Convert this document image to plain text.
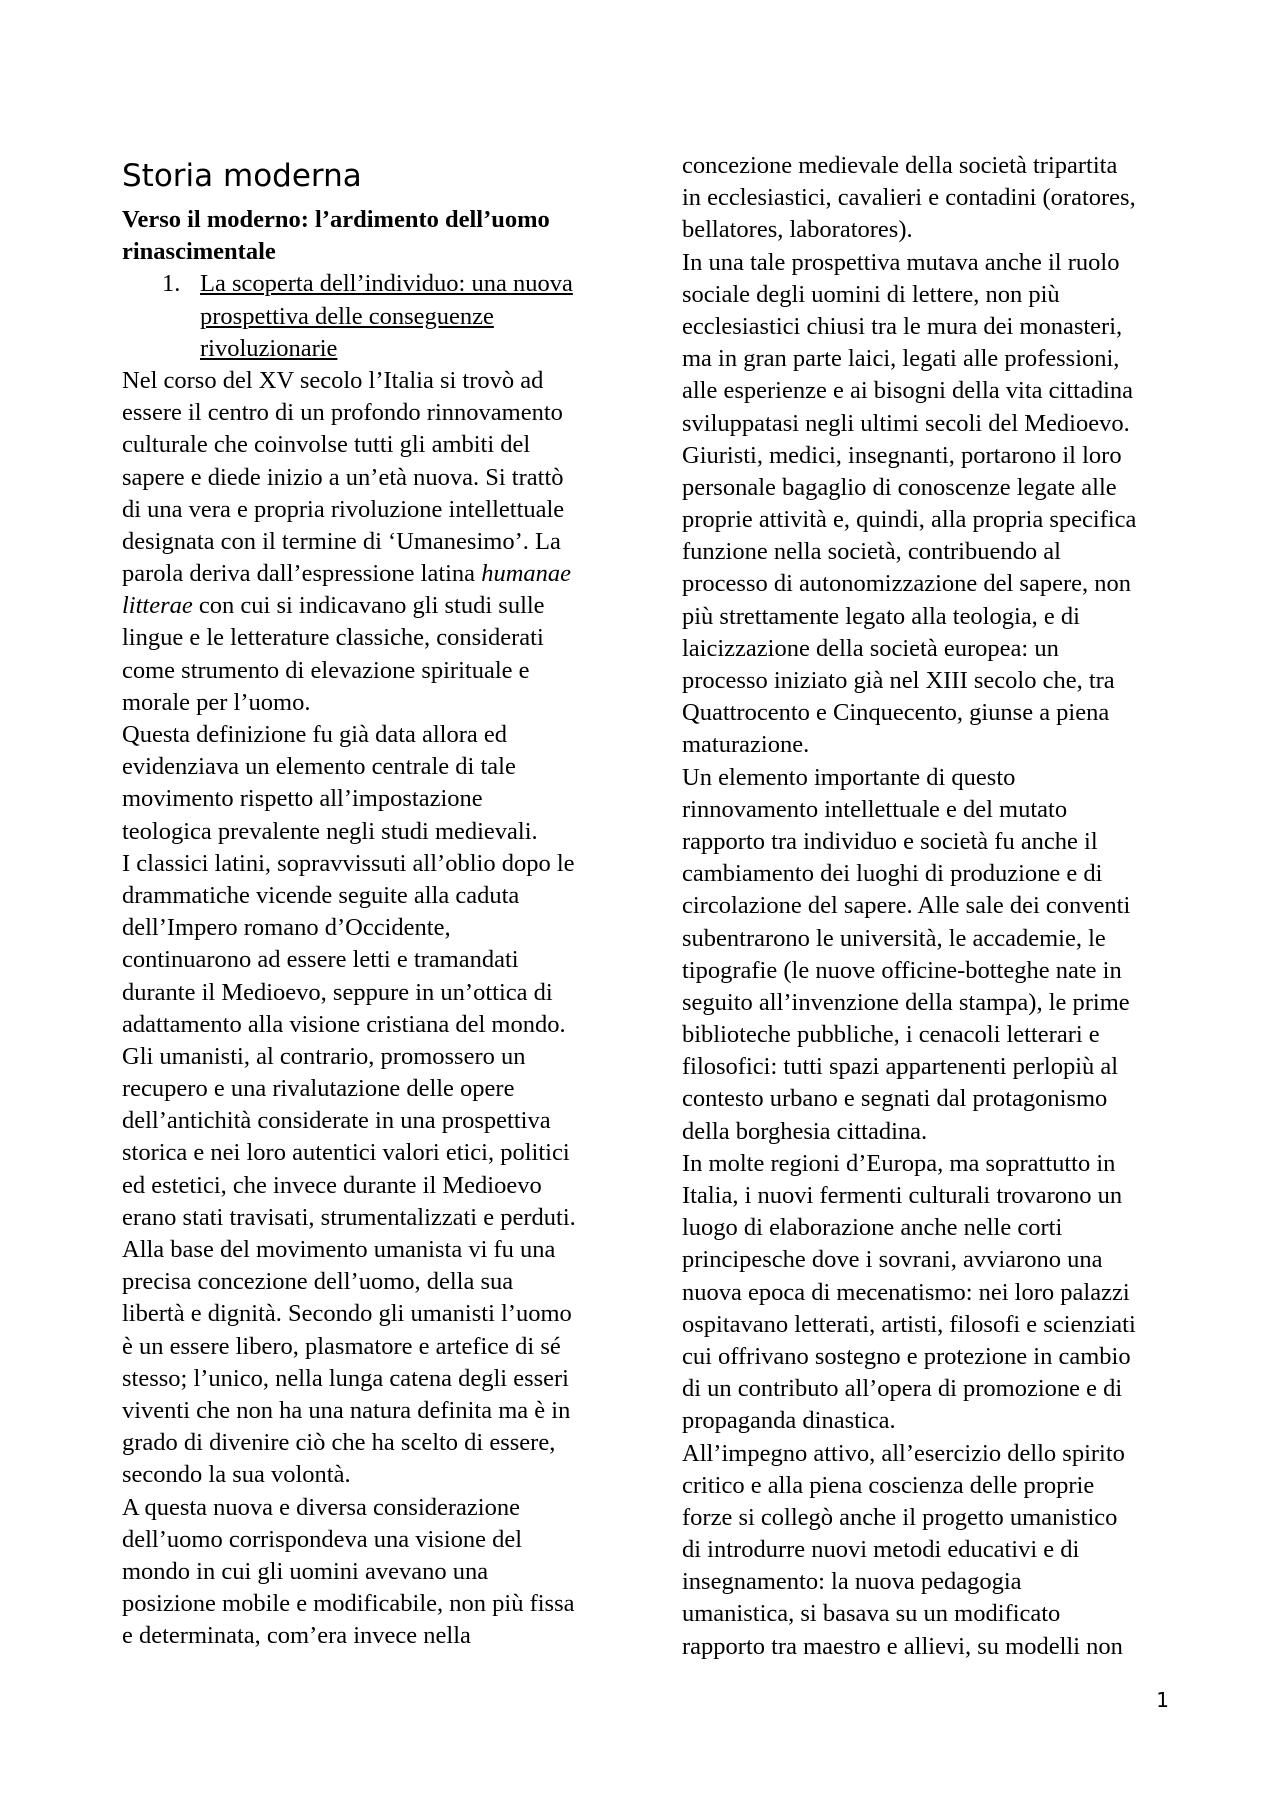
Storia moderna
Verso il moderno: l’ardimento dell’uomo
rinascimentale
1. La scoperta dell’individuo: una nuova
prospettiva delle conseguenze
rivoluzionarie
Nel corso del XV secolo l’Italia si trovò ad
essere il centro di un profondo rinnovamento
culturale che coinvolse tutti gli ambiti del
sapere e diede inizio a un’età nuova. Si trattò
di una vera e propria rivoluzione intellettuale
designata con il termine di ‘Umanesimo’. La
parola deriva dall’espressione latina humanae
litterae con cui si indicavano gli studi sulle
lingue e le letterature classiche, considerati
come strumento di elevazione spirituale e
morale per l’uomo.
Questa definizione fu già data allora ed
evidenziava un elemento centrale di tale
movimento rispetto all’impostazione
teologica prevalente negli studi medievali.
I classici latini, sopravvissuti all’oblio dopo le
drammatiche vicende seguite alla caduta
dell’Impero romano d’Occidente,
continuarono ad essere letti e tramandati
durante il Medioevo, seppure in un’ottica di
adattamento alla visione cristiana del mondo.
Gli umanisti, al contrario, promossero un
recupero e una rivalutazione delle opere
dell’antichità considerate in una prospettiva
storica e nei loro autentici valori etici, politici
ed estetici, che invece durante il Medioevo
erano stati travisati, strumentalizzati e perduti.
Alla base del movimento umanista vi fu una
precisa concezione dell’uomo, della sua
libertà e dignità. Secondo gli umanisti l’uomo
è un essere libero, plasmatore e artefice di sé
stesso; l’unico, nella lunga catena degli esseri
viventi che non ha una natura definita ma è in
grado di divenire ciò che ha scelto di essere,
secondo la sua volontà.
A questa nuova e diversa considerazione
dell’uomo corrispondeva una visione del
mondo in cui gli uomini avevano una
posizione mobile e modificabile, non più fissa
e determinata, com’era invece nella
concezione medievale della società tripartita
in ecclesiastici, cavalieri e contadini (oratores,
bellatores, laboratores).
In una tale prospettiva mutava anche il ruolo
sociale degli uomini di lettere, non più
ecclesiastici chiusi tra le mura dei monasteri,
ma in gran parte laici, legati alle professioni,
alle esperienze e ai bisogni della vita cittadina
sviluppatasi negli ultimi secoli del Medioevo.
Giuristi, medici, insegnanti, portarono il loro
personale bagaglio di conoscenze legate alle
proprie attività e, quindi, alla propria specifica
funzione nella società, contribuendo al
processo di autonomizzazione del sapere, non
più strettamente legato alla teologia, e di
laicizzazione della società europea: un
processo iniziato già nel XIII secolo che, tra
Quattrocento e Cinquecento, giunse a piena
maturazione.
Un elemento importante di questo
rinnovamento intellettuale e del mutato
rapporto tra individuo e società fu anche il
cambiamento dei luoghi di produzione e di
circolazione del sapere. Alle sale dei conventi
subentrarono le università, le accademie, le
tipografie (le nuove officine-botteghe nate in
seguito all’invenzione della stampa), le prime
biblioteche pubbliche, i cenacoli letterari e
filosofici: tutti spazi appartenenti perlopiù al
contesto urbano e segnati dal protagonismo
della borghesia cittadina.
In molte regioni d’Europa, ma soprattutto in
Italia, i nuovi fermenti culturali trovarono un
luogo di elaborazione anche nelle corti
principesche dove i sovrani, avviarono una
nuova epoca di mecenatismo: nei loro palazzi
ospitavano letterati, artisti, filosofi e scienziati
cui offrivano sostegno e protezione in cambio
di un contributo all’opera di promozione e di
propaganda dinastica.
All’impegno attivo, all’esercizio dello spirito
critico e alla piena coscienza delle proprie
forze si collegò anche il progetto umanistico
di introdurre nuovi metodi educativi e di
insegnamento: la nuova pedagogia
umanistica, si basava su un modificato
rapporto tra maestro e allievi, su modelli non
1
